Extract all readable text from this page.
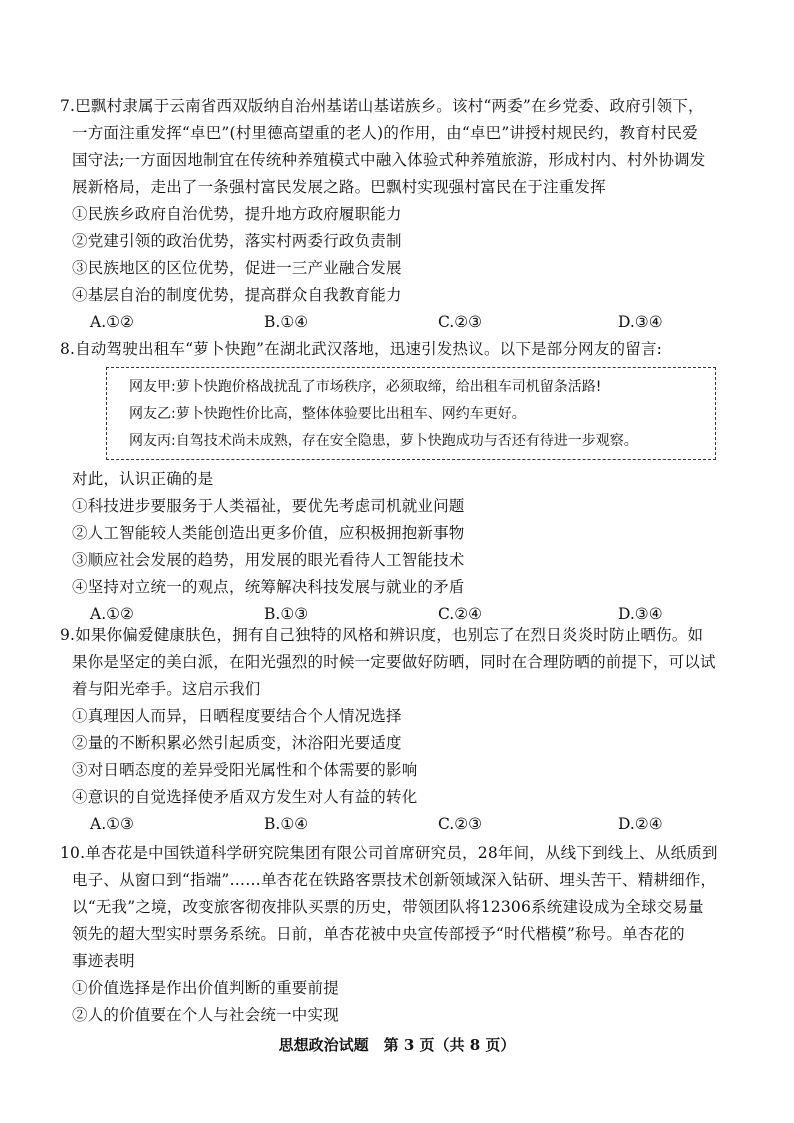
7.巴飘村隶属于云南省西双版纳自治州基诺山基诺族乡。该村“两委”在乡党委、政府引领下，
一方面注重发挥“卓巴”(村里德高望重的老人)的作用，由“卓巴”讲授村规民约，教育村民爱
国守法;一方面因地制宜在传统种养殖模式中融入体验式种养殖旅游，形成村内、村外协调发
展新格局，走出了一条强村富民发展之路。巴飘村实现强村富民在于注重发挥
①民族乡政府自治优势，提升地方政府履职能力
②党建引领的政治优势，落实村两委行政负责制
③民族地区的区位优势，促进一三产业融合发展
④基层自治的制度优势，提高群众自我教育能力
A.①②	B.①④	C.②③	D.③④
8.自动驾驶出租车“萝卜快跑”在湖北武汉落地，迅速引发热议。以下是部分网友的留言:
网友甲:萝卜快跑价格战扰乱了市场秩序，必须取缔，给出租车司机留条活路!
网友乙:萝卜快跑性价比高，整体体验要比出租车、网约车更好。
网友丙:自驾技术尚未成熟，存在安全隐患，萝卜快跑成功与否还有待进一步观察。
对此，认识正确的是
①科技进步要服务于人类福祉，要优先考虑司机就业问题
②人工智能较人类能创造出更多价值，应积极拥抱新事物
③顺应社会发展的趋势，用发展的眼光看待人工智能技术
④坚持对立统一的观点，统筹解决科技发展与就业的矛盾
A.①②	B.①③	C.②④	D.③④
9.如果你偏爱健康肤色，拥有自己独特的风格和辨识度，也别忘了在烈日炎炎时防止晒伤。如
果你是坚定的美白派，在阳光强烈的时候一定要做好防晒，同时在合理防晒的前提下，可以试
着与阳光牵手。这启示我们
①真理因人而异，日晒程度要结合个人情况选择
②量的不断积累必然引起质变，沐浴阳光要适度
③对日晒态度的差异受阳光属性和个体需要的影响
④意识的自觉选择使矛盾双方发生对人有益的转化
A.①③	B.①④	C.②③	D.②④
10.单杏花是中国铁道科学研究院集团有限公司首席研究员，28年间，从线下到线上、从纸质到
电子、从窗口到“指端”……单杏花在铁路客票技术创新领域深入钻研、埋头苦干、精耕细作，
以“无我”之境，改变旅客彻夜排队买票的历史，带领团队将12306系统建设成为全球交易量
领先的超大型实时票务系统。日前，单杏花被中央宣传部授予“时代楷模”称号。单杏花的
事迹表明
①价值选择是作出价值判断的重要前提
②人的价值要在个人与社会统一中实现
思想政治试题　第 3 页（共 8 页）
